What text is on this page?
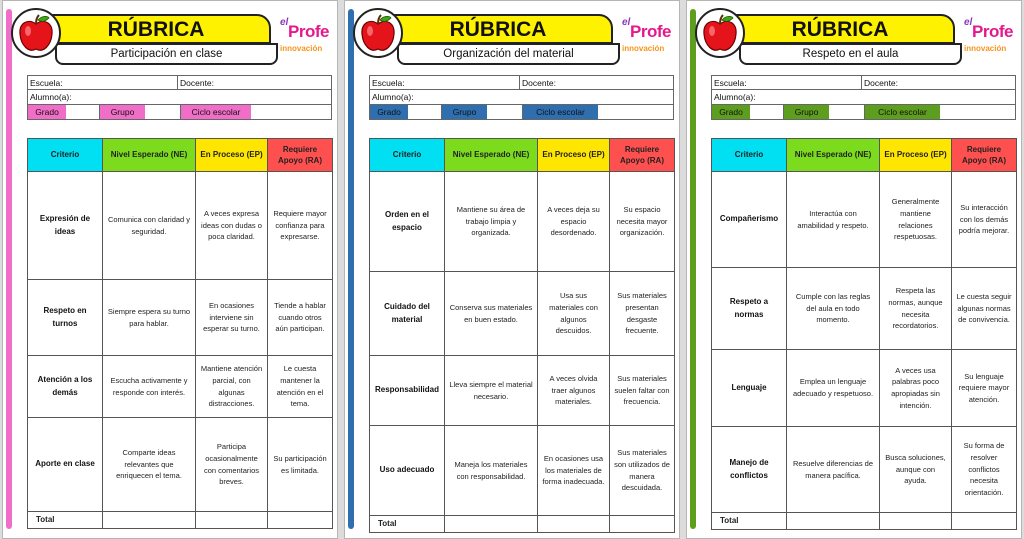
RÚBRICA
Participación en clase
el Profe
innovación
Escuela:	Docente:
Alumno(a):
Grado	Grupo	Ciclo escolar
Criterio	Nivel Esperado (NE)	En Proceso (EP)	Requiere Apoyo (RA)
Expresión de ideas	Comunica con claridad y seguridad.	A veces expresa ideas con dudas o poca claridad.	Requiere mayor confianza para expresarse.
Respeto en turnos	Siempre espera su turno para hablar.	En ocasiones interviene sin esperar su turno.	Tiende a hablar cuando otros aún participan.
Atención a los demás	Escucha activamente y responde con interés.	Mantiene atención parcial, con algunas distracciones.	Le cuesta mantener la atención en el tema.
Aporte en clase	Comparte ideas relevantes que enriquecen el tema.	Participa ocasionalmente con comentarios breves.	Su participación es limitada.
Total			
RÚBRICA
Organización del material
el Profe
innovación
Escuela:	Docente:
Alumno(a):
Grado	Grupo	Ciclo escolar
Criterio	Nivel Esperado (NE)	En Proceso (EP)	Requiere Apoyo (RA)
Orden en el espacio	Mantiene su área de trabajo limpia y organizada.	A veces deja su espacio desordenado.	Su espacio necesita mayor organización.
Cuidado del material	Conserva sus materiales en buen estado.	Usa sus materiales con algunos descuidos.	Sus materiales presentan desgaste frecuente.
Responsabilidad	Lleva siempre el material necesario.	A veces olvida traer algunos materiales.	Sus materiales suelen faltar con frecuencia.
Uso adecuado	Maneja los materiales con responsabilidad.	En ocasiones usa los materiales de forma inadecuada.	Sus materiales son utilizados de manera descuidada.
Total			
RÚBRICA
Respeto en el aula
el Profe
innovación
Escuela:	Docente:
Alumno(a):
Grado	Grupo	Ciclo escolar
Criterio	Nivel Esperado (NE)	En Proceso (EP)	Requiere Apoyo (RA)
Compañerismo	Interactúa con amabilidad y respeto.	Generalmente mantiene relaciones respetuosas.	Su interacción con los demás podría mejorar.
Respeto a normas	Cumple con las reglas del aula en todo momento.	Respeta las normas, aunque necesita recordatorios.	Le cuesta seguir algunas normas de convivencia.
Lenguaje	Emplea un lenguaje adecuado y respetuoso.	A veces usa palabras poco apropiadas sin intención.	Su lenguaje requiere mayor atención.
Manejo de conflictos	Resuelve diferencias de manera pacífica.	Busca soluciones, aunque con ayuda.	Su forma de resolver conflictos necesita orientación.
Total			
